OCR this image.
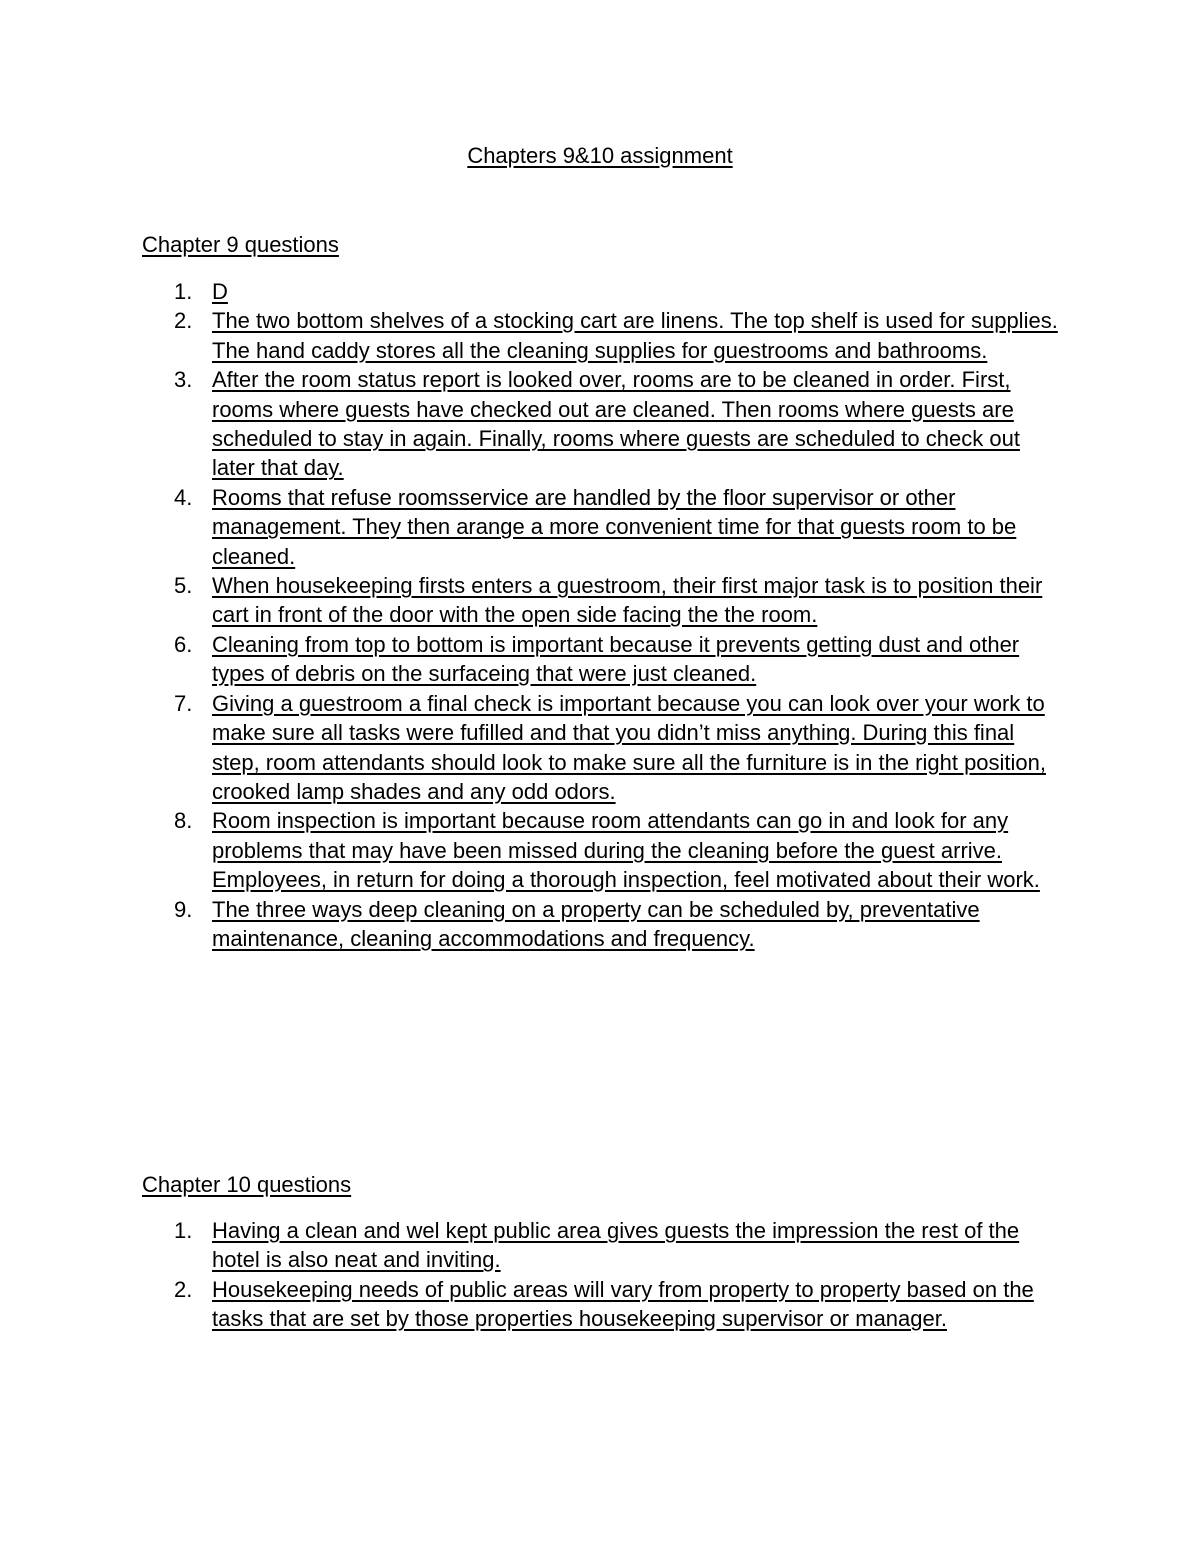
Chapters 9&10 assignment
Chapter 9 questions
1. D
2. The two bottom shelves of a stocking cart are linens. The top shelf is used for supplies. The hand caddy stores all the cleaning supplies for guestrooms and bathrooms.
3. After the room status report is looked over, rooms are to be cleaned in order. First, rooms where guests have checked out are cleaned. Then rooms where guests are scheduled to stay in again. Finally, rooms where guests are scheduled to check out later that day.
4. Rooms that refuse roomsservice are handled by the floor supervisor or other management. They then arange a more convenient time for that guests room to be cleaned.
5. When housekeeping firsts enters a guestroom, their first major task is to position their cart in front of the door with the open side facing the the room.
6. Cleaning from top to bottom is important because it prevents getting dust and other types of debris on the surfaceing that were just cleaned.
7. Giving a guestroom a final check is important because you can look over your work to make sure all tasks were fufilled and that you didn’t miss anything. During this final step, room attendants should look to make sure all the furniture is in the right position, crooked lamp shades and any odd odors.
8. Room inspection is important because room attendants can go in and look for any problems that may have been missed during the cleaning before the guest arrive. Employees, in return for doing a thorough inspection, feel motivated about their work.
9. The three ways deep cleaning on a property can be scheduled by, preventative maintenance, cleaning accommodations and frequency.
Chapter 10 questions
1. Having a clean and wel kept public area gives guests the impression the rest of the hotel is also neat and inviting.
2. Housekeeping needs of public areas will vary from property to property based on the tasks that are set by those properties housekeeping supervisor or manager.
